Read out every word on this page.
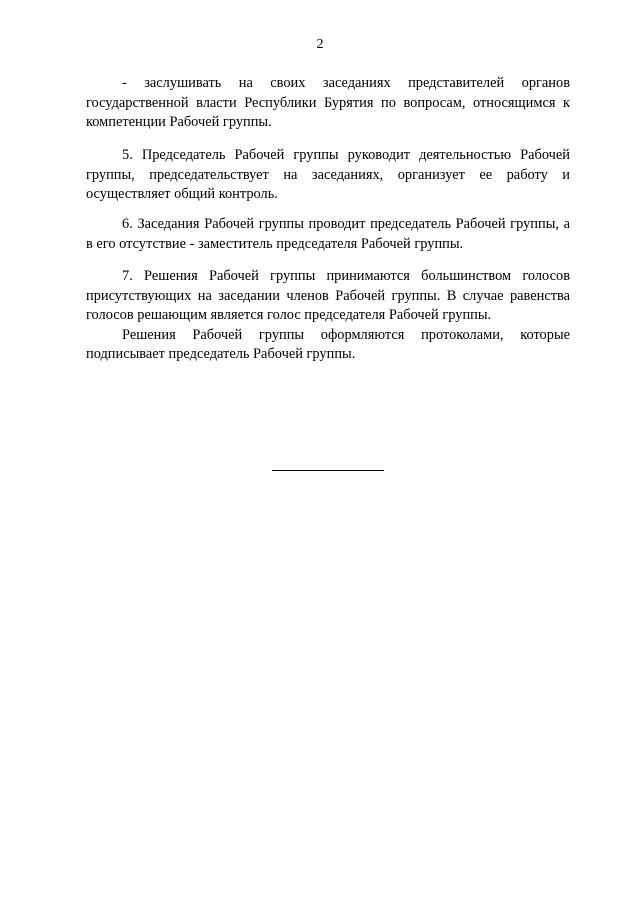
2

- заслушивать на своих заседаниях представителей органов государственной власти Республики Бурятия по вопросам, относящимся к компетенции Рабочей группы.

5. Председатель Рабочей группы руководит деятельностью Рабочей группы, председательствует на заседаниях, организует ее работу и осуществляет общий контроль.

6. Заседания Рабочей группы проводит председатель Рабочей группы, а в его отсутствие - заместитель председателя Рабочей группы.

7. Решения Рабочей группы принимаются большинством голосов присутствующих на заседании членов Рабочей группы. В случае равенства голосов решающим является голос председателя Рабочей группы.

Решения Рабочей группы оформляются протоколами, которые подписывает председатель Рабочей группы.
